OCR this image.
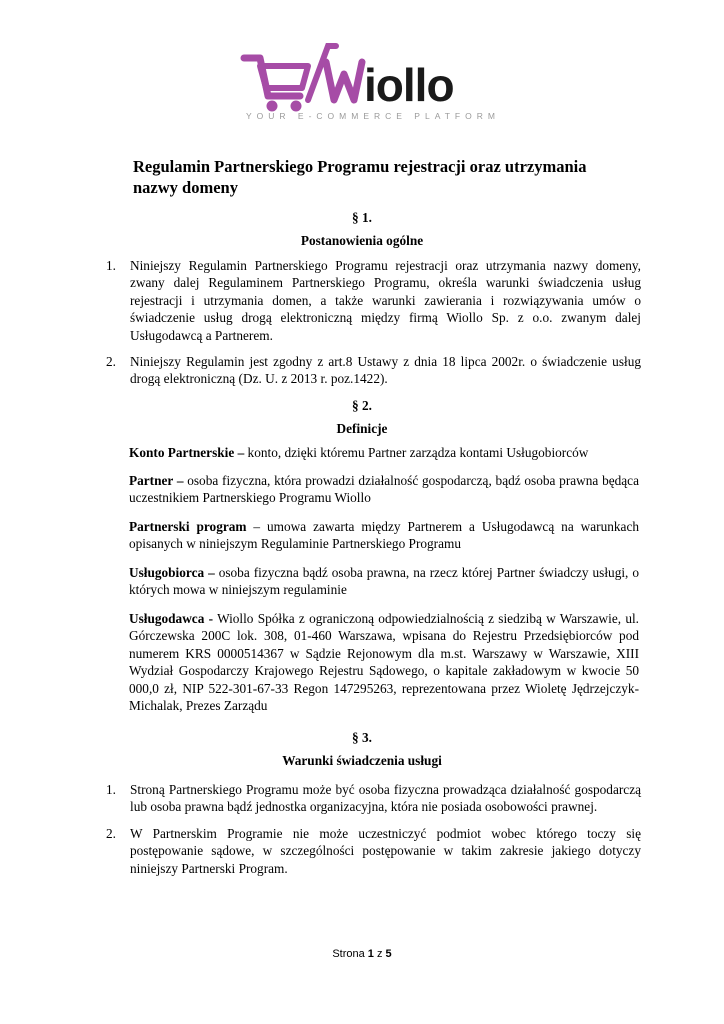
iollo
YOUR E-COMMERCE PLATFORM
Regulamin Partnerskiego Programu rejestracji oraz utrzymania nazwy domeny

§ 1.

Postanowienia ogólne

1.	Niniejszy Regulamin Partnerskiego Programu rejestracji oraz utrzymania nazwy domeny, zwany dalej Regulaminem Partnerskiego Programu, określa warunki świadczenia usług rejestracji i utrzymania domen, a także warunki zawierania i rozwiązywania umów o świadczenie usług drogą elektroniczną między firmą Wiollo Sp. z o.o. zwanym dalej Usługodawcą a Partnerem.
2.	Niniejszy Regulamin jest zgodny z art.8 Ustawy z dnia 18 lipca 2002r. o świadczenie usług drogą elektroniczną (Dz. U. z 2013 r. poz.1422).

§ 2.

Definicje

Konto Partnerskie – konto, dzięki któremu Partner zarządza kontami Usługobiorców

Partner – osoba fizyczna, która prowadzi działalność gospodarczą, bądź osoba prawna będąca uczestnikiem Partnerskiego Programu Wiollo

Partnerski program – umowa zawarta między Partnerem a Usługodawcą na warunkach opisanych w niniejszym Regulaminie Partnerskiego Programu

Usługobiorca – osoba fizyczna bądź osoba prawna, na rzecz której Partner świadczy usługi, o których mowa w niniejszym regulaminie

Usługodawca - Wiollo Spółka z ograniczoną odpowiedzialnością z siedzibą w Warszawie, ul. Górczewska 200C lok. 308, 01-460 Warszawa, wpisana do Rejestru Przedsiębiorców pod numerem KRS 0000514367 w Sądzie Rejonowym dla m.st. Warszawy w Warszawie, XIII Wydział Gospodarczy Krajowego Rejestru Sądowego, o kapitale zakładowym w kwocie 50 000,0 zł, NIP 522-301-67-33 Regon 147295263, reprezentowana przez Wioletę Jędrzejczyk-Michalak, Prezes Zarządu

§ 3.

Warunki świadczenia usługi

1.	Stroną Partnerskiego Programu może być osoba fizyczna prowadząca działalność gospodarczą lub osoba prawna bądź jednostka organizacyjna, która nie posiada osobowości prawnej.
2.	W Partnerskim Programie nie może uczestniczyć podmiot wobec którego toczy się postępowanie sądowe, w szczególności postępowanie w takim zakresie jakiego dotyczy niniejszy Partnerski Program.
Strona 1 z 5
